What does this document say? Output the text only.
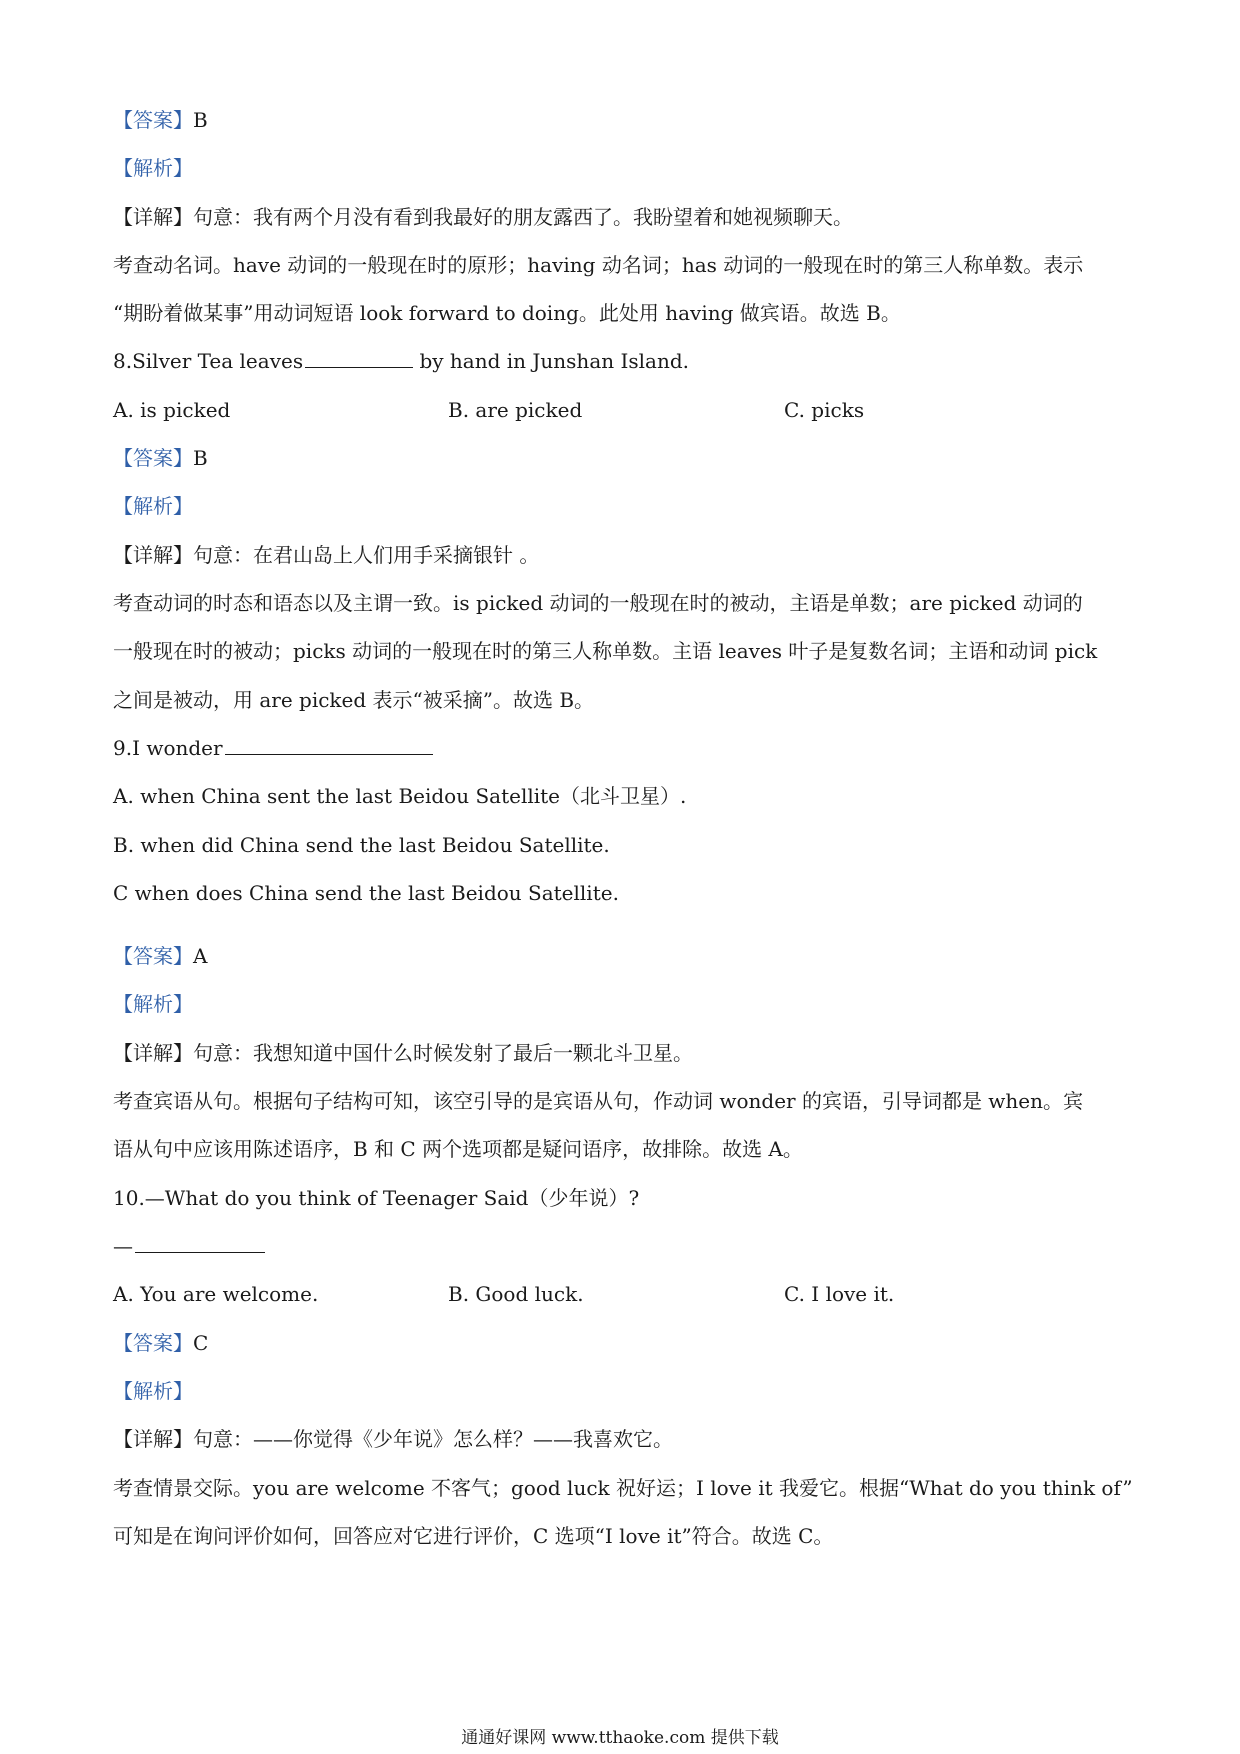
【答案】B
【解析】
【详解】句意：我有两个月没有看到我最好的朋友露西了。我盼望着和她视频聊天。
考查动名词。have 动词的一般现在时的原形；having 动名词；has 动词的一般现在时的第三人称单数。表示
“期盼着做某事”用动词短语 look forward to doing。此处用 having 做宾语。故选 B。
8.Silver Tea leaves	by hand in Junshan Island.
A. is picked	B. are picked	C. picks
【答案】B
【解析】
【详解】句意：在君山岛上人们用手采摘银针 。
考查动词的时态和语态以及主谓一致。is picked 动词的一般现在时的被动，主语是单数；are picked 动词的
一般现在时的被动；picks 动词的一般现在时的第三人称单数。主语 leaves 叶子是复数名词；主语和动词 pick
之间是被动，用 are picked 表示“被采摘”。故选 B。
9.I wonder
A. when China sent the last Beidou Satellite（北斗卫星）.
B. when did China send the last Beidou Satellite.
C when does China send the last Beidou Satellite.
【答案】A
【解析】
【详解】句意：我想知道中国什么时候发射了最后一颗北斗卫星。
考查宾语从句。根据句子结构可知，该空引导的是宾语从句，作动词 wonder 的宾语，引导词都是 when。宾
语从句中应该用陈述语序，B 和 C 两个选项都是疑问语序，故排除。故选 A。
10.—What do you think of Teenager Said（少年说）?
—
A. You are welcome.	B. Good luck.	C. I love it.
【答案】C
【解析】
【详解】句意：——你觉得《少年说》怎么样？——我喜欢它。
考查情景交际。you are welcome 不客气；good luck 祝好运；I love it 我爱它。根据“What do you think of”
可知是在询问评价如何，回答应对它进行评价，C 选项“I love it”符合。故选 C。
通通好课网 www.tthaoke.com 提供下载
